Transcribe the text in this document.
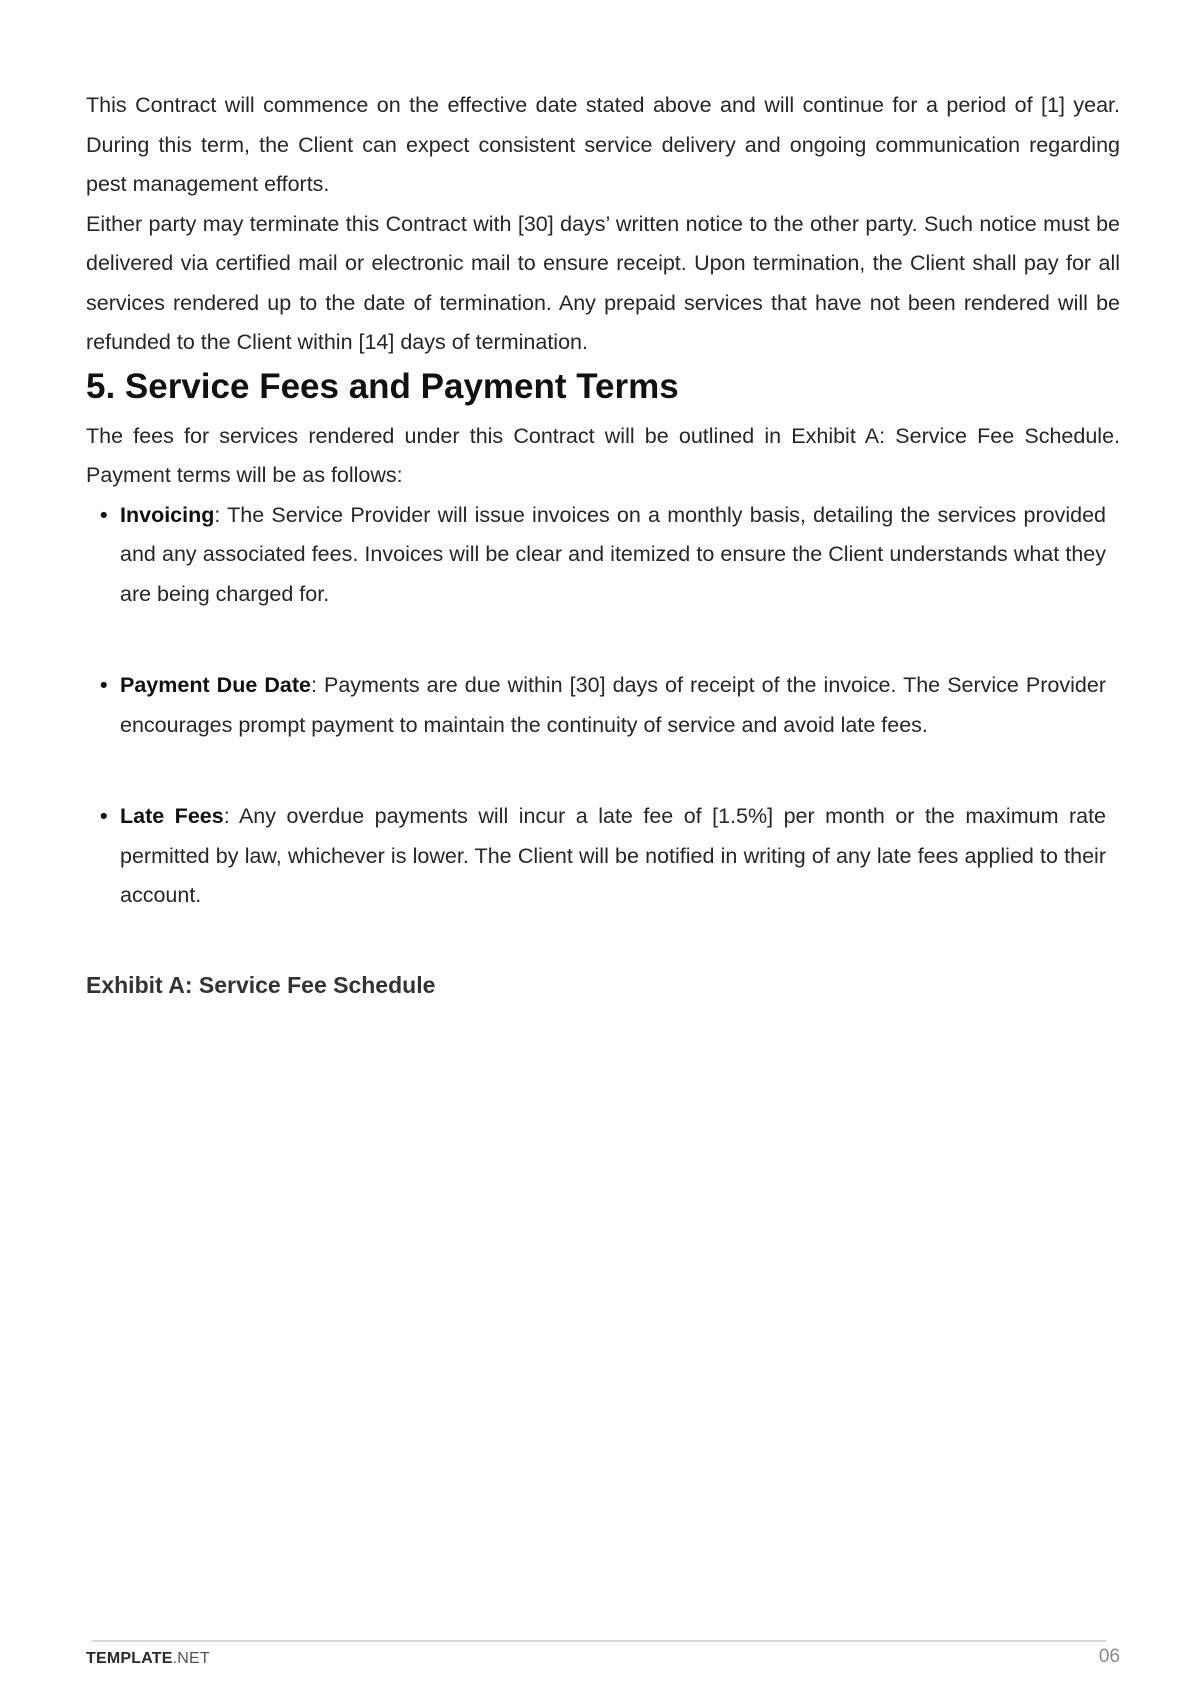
This Contract will commence on the effective date stated above and will continue for a period of [1] year. During this term, the Client can expect consistent service delivery and ongoing communication regarding pest management efforts.

Either party may terminate this Contract with [30] days’ written notice to the other party. Such notice must be delivered via certified mail or electronic mail to ensure receipt. Upon termination, the Client shall pay for all services rendered up to the date of termination. Any prepaid services that have not been rendered will be refunded to the Client within [14] days of termination.

5. Service Fees and Payment Terms

The fees for services rendered under this Contract will be outlined in Exhibit A: Service Fee Schedule. Payment terms will be as follows:

• Invoicing: The Service Provider will issue invoices on a monthly basis, detailing the services provided and any associated fees. Invoices will be clear and itemized to ensure the Client understands what they are being charged for.
• Payment Due Date: Payments are due within [30] days of receipt of the invoice. The Service Provider encourages prompt payment to maintain the continuity of service and avoid late fees.
• Late Fees: Any overdue payments will incur a late fee of [1.5%] per month or the maximum rate permitted by law, whichever is lower. The Client will be notified in writing of any late fees applied to their account.
Exhibit A: Service Fee Schedule
TEMPLATE.NET	06
